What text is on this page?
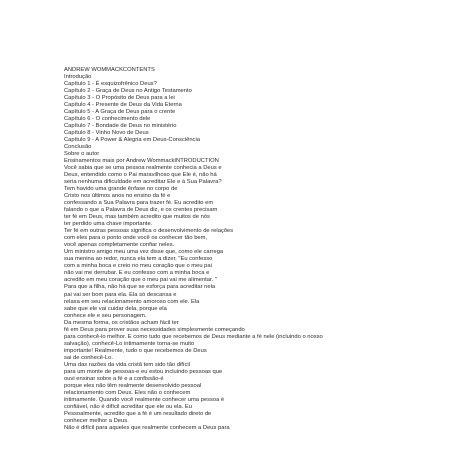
ANDREW WOMMACKCONTENTS
Introdução
Capítulo 1 - É esquizofrênico Deus?
Capítulo 2 - Graça de Deus no Antigo Testamento
Capítulo 3 - O Propósito de Deus para a lei
Capítulo 4 - Presente de Deus da Vida Eterna
Capítulo 5 - A Graça de Deus para o crente
Capítulo 6 - O conhecimento dele
Capítulo 7 - Bondade de Deus no ministério
Capítulo 8 - Vinho Novo de Deus
Capítulo 9 - A Power & Alegria em Deus-Consciência
Conclusão
Sobre o autor
Ensinamentos mais por Andrew WommackINTRODUCTION
Você sabia que se uma pessoa realmente conhecia a Deus e
Deus, entendido como o Pai maravilhoso que Ele é, não há
seria nenhuma dificuldade em acreditar Ele e à Sua Palavra?
Tem havido uma grande ênfase no corpo de
Cristo nos últimos anos no ensino da fé e
confessando a Sua Palavra para trazer fé. Eu acredito em
falando o que a Palavra de Deus diz, e os crentes precisam
ter fé em Deus, mas também acredito que muitos de nós
ter perdido uma chave importante.
Ter fé em outras pessoas significa o desenvolvimento de relações
com eles para o ponto onde você os conhecer tão bem,
você apenas completamente confiar neles.
Um ministro amigo meu uma vez disse que, como ele carrega
sua menina ao redor, nunca ela tem a dizer, "Eu confesso
com a minha boca e creio no meu coração que o meu pai
não vai me derrubar. E eu confesso com a minha boca e
acredito em meu coração que o meu pai vai me alimentar. "
Para que a filha, não há que se esforça para acreditar nela
pai vai ser bom para ela. Ela só descansa e
relaxa em seu relacionamento amoroso com ele. Ela
sabe que ele vai cuidar dela, porque ela
conhece ele e seu personagem.
Da mesma forma, os cristãos acham fácil ter
fé em Deus para prover suas necessidades simplesmente começando
para conhecê-lo melhor. E como tudo que recebemos de Deus mediante a fé nele (incluindo o nosso
salvação), conhecê-Lo intimamente torna-se muito
importante! Realmente, tudo o que recebemos de Deus
sai de conhecê-Lo.
Uma das razões da vida cristã tem sido tão difícil
para um monte de pessoas-e eu estou incluindo pessoas que
ouvi ensinar sobre a fé e a confissão-é
porque eles não têm realmente desenvolvido pessoal
relacionamento com Deus. Eles não o conhecem
intimamente. Quando você realmente conhecer uma pessoa é
confiável, não é difícil acreditar que ele ou ela. Eu
Pessoalmente, acredito que a fé é um resultado direto de
conhecer melhor a Deus.
Não é difícil para aqueles que realmente conhecem a Deus para
